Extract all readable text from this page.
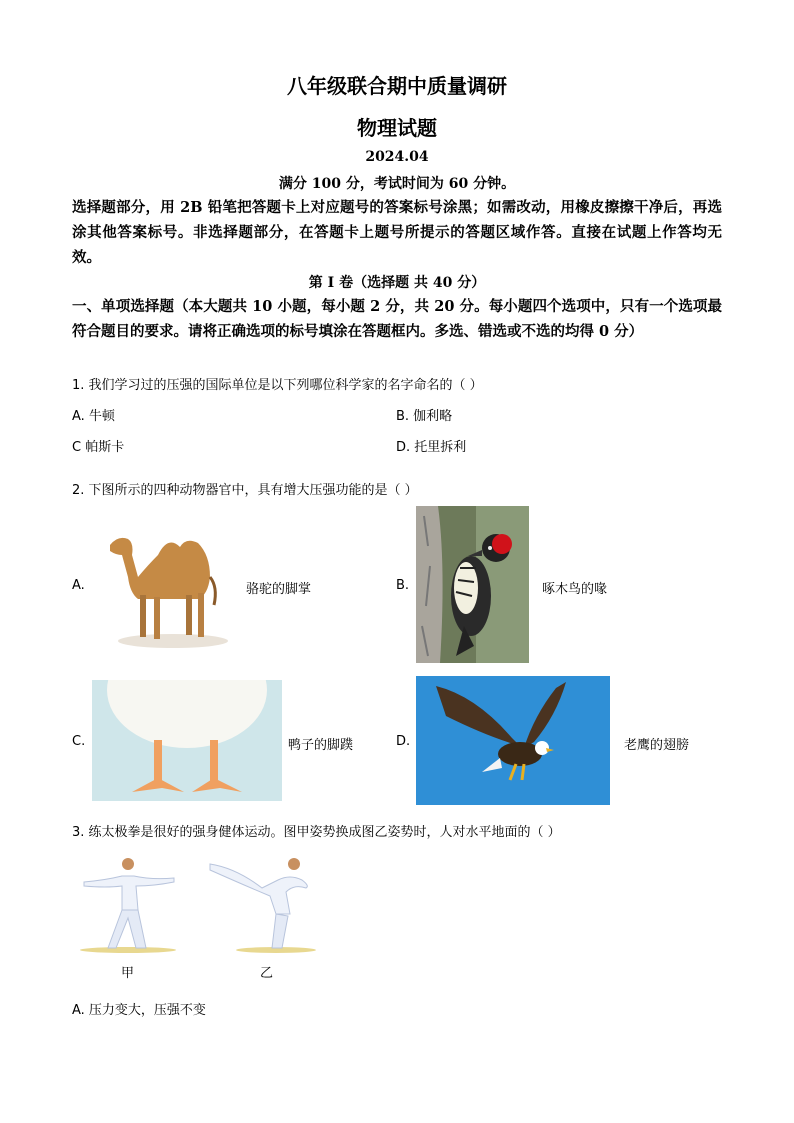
八年级联合期中质量调研
物理试题
2024.04
满分 100 分，考试时间为 60 分钟。
选择题部分，用 2B 铅笔把答题卡上对应题号的答案标号涂黑；如需改动，用橡皮擦擦干净后，再选涂其他答案标号。非选择题部分，在答题卡上题号所提示的答题区域作答。直接在试题上作答均无效。
第 I 卷（选择题 共 40 分）
一、单项选择题（本大题共 10 小题，每小题 2 分，共 20 分。每小题四个选项中，只有一个选项最符合题目的要求。请将正确选项的标号填涂在答题框内。多选、错选或不选的均得 0 分）
1. 我们学习过的压强的国际单位是以下列哪位科学家的名字命名的（ ）
A. 牛顿	B. 伽利略
C 帕斯卡	D. 托里拆利
2. 下图所示的四种动物器官中，具有增大压强功能的是（ ）
A.	骆驼的脚掌	B.	啄木鸟的喙
C.	鸭子的脚蹼	D.	老鹰的翅膀
3. 练太极拳是很好的强身健体运动。图甲姿势换成图乙姿势时，人对水平地面的（ ）
甲	乙
A. 压力变大，压强不变
